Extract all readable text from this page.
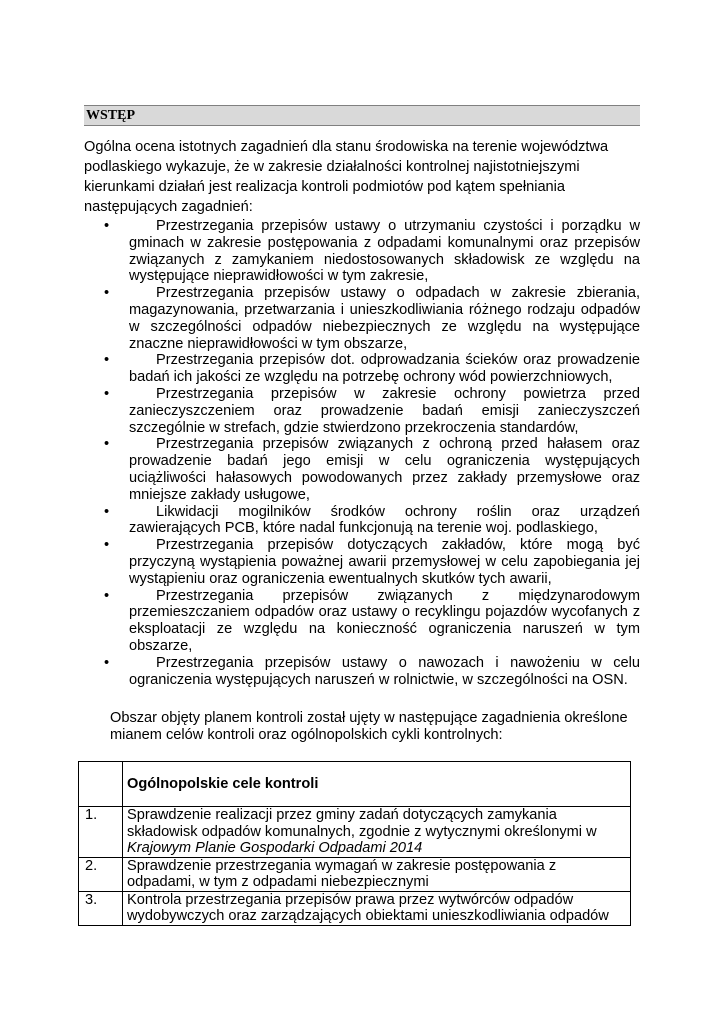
WSTĘP
Ogólna ocena istotnych zagadnień dla stanu środowiska na terenie województwa podlaskiego wykazuje, że w zakresie działalności kontrolnej najistotniejszymi kierunkami działań jest realizacja kontroli podmiotów pod kątem spełniania następujących zagadnień:
•	Przestrzegania przepisów ustawy o utrzymaniu czystości i porządku w gminach w zakresie postępowania z odpadami komunalnymi oraz przepisów związanych z zamykaniem niedostosowanych składowisk ze względu na występujące nieprawidłowości w tym zakresie,
•	Przestrzegania przepisów ustawy o odpadach w zakresie zbierania, magazynowania, przetwarzania i unieszkodliwiania różnego rodzaju odpadów w szczególności odpadów niebezpiecznych ze względu na występujące znaczne nieprawidłowości w tym obszarze,
•	Przestrzegania przepisów dot. odprowadzania ścieków oraz prowadzenie badań ich jakości ze względu na potrzebę ochrony wód powierzchniowych,
•	Przestrzegania przepisów w zakresie ochrony powietrza przed zanieczyszczeniem oraz prowadzenie badań emisji zanieczyszczeń szczególnie w strefach, gdzie stwierdzono przekroczenia standardów,
•	Przestrzegania przepisów związanych z ochroną przed hałasem oraz prowadzenie badań jego emisji w celu ograniczenia występujących uciążliwości hałasowych powodowanych przez zakłady przemysłowe oraz mniejsze zakłady usługowe,
•	Likwidacji mogilników środków ochrony roślin oraz urządzeń zawierających PCB, które nadal funkcjonują na terenie woj. podlaskiego,
•	Przestrzegania przepisów dotyczących zakładów, które mogą być przyczyną wystąpienia poważnej awarii przemysłowej w celu zapobiegania jej wystąpieniu oraz ograniczenia ewentualnych skutków tych awarii,
•	Przestrzegania przepisów związanych z międzynarodowym przemieszczaniem odpadów oraz ustawy o recyklingu pojazdów wycofanych z eksploatacji ze względu na konieczność ograniczenia naruszeń w tym obszarze,
•	Przestrzegania przepisów ustawy o nawozach i nawożeniu w celu ograniczenia występujących naruszeń w rolnictwie, w szczególności na OSN.
Obszar objęty planem kontroli został ujęty w następujące zagadnienia określone mianem celów kontroli oraz ogólnopolskich cykli kontrolnych:
	Ogólnopolskie cele kontroli
1.	Sprawdzenie realizacji przez gminy zadań dotyczących zamykania składowisk odpadów komunalnych, zgodnie z wytycznymi określonymi w Krajowym Planie Gospodarki Odpadami 2014
2.	Sprawdzenie przestrzegania wymagań w zakresie postępowania z odpadami, w tym z odpadami niebezpiecznymi
3.	Kontrola przestrzegania przepisów prawa przez wytwórców odpadów wydobywczych oraz zarządzających obiektami unieszkodliwiania odpadów
